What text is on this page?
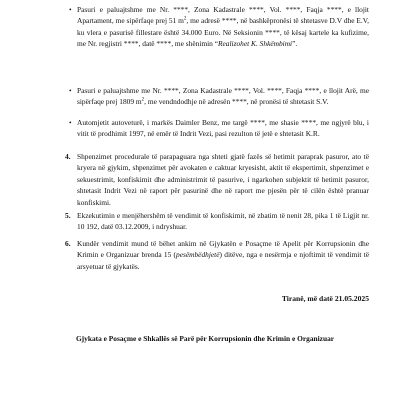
• Pasuri e paluajtshme me Nr. ****, Zona Kadastrale ****, Vol. ****, Faqja ****, e llojit Apartament, me sipërfaqe prej 51 $m^2$, me adresë ****, në bashkëpronësi të shtetasve D.V dhe E.V, ku vlera e pasurisë fillestare është 34.000 Euro. Në Seksionin ****, të kësaj kartele ka kufizime, me Nr. regjistri ****, datë ****, me shënimin “Realizohet K. Shkëmbimi”.

• Pasuri e paluajtshme me Nr. ****, Zona Kadastrale ****, Vol. ****, Faqja ****, e llojit Arë, me sipërfaqe prej 1809 $m^2$, me vendndodhje në adresën ****, në pronësi të shtetasit S.V.

• Automjetit autoveturë, i markës Daimler Benz, me targë ****, me shasie ****, me ngjyrë blu, i vitit të prodhimit 1997, në emër të Indrit Vezi, pasi rezulton të jetë e shtetasit K.R.

4. Shpenzimet procedurale të parapaguara nga shteti gjatë fazës së hetimit paraprak pasuror, ato të kryera në gjykim, shpenzimet për avokaten e caktuar kryesisht, aktit të ekspertimit, shpenzimet e sekuestrimit, konfiskimit dhe administrimit të pasurive, i ngarkohen subjektit të hetimit pasuror, shtetasit Indrit Vezi në raport për pasurinë dhe në raport me pjesën për të cilën është pranuar konfiskimi.

5. Ekzekutimin e menjëhershëm të vendimit të konfiskimit, në zbatim të nenit 28, pika 1 të Ligjit nr. 10 192, datë 03.12.2009, i ndryshuar.

6. Kundër vendimit mund të bëhet ankim në Gjykatën e Posaçme të Apelit për Korrupsionin dhe Krimin e Organizuar brenda 15 (pesëmbëdhjetë) ditëve, nga e nesërmja e njoftimit të vendimit të arsyetuar të gjykatës.

Tiranë, më datë 21.05.2025
Gjykata e Posaçme e Shkallës së Parë për Korrupsionin dhe Krimin e Organizuar
